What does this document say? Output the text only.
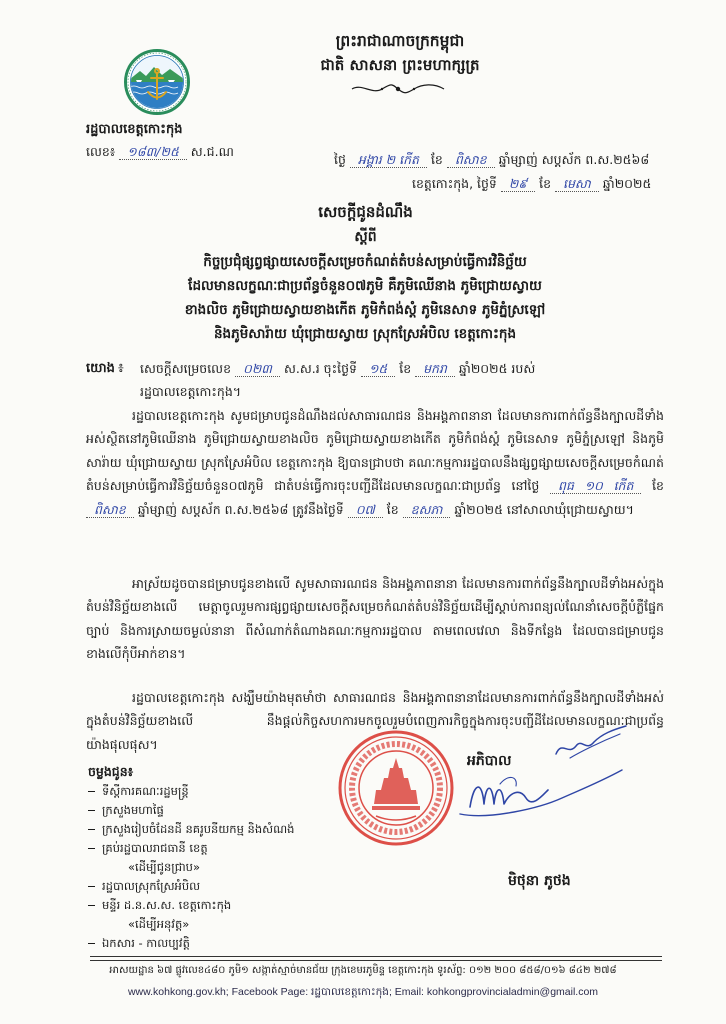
ព្រះរាជាណាចក្រកម្ពុជា
ជាតិ សាសនា ព្រះមហាក្សត្រ
រដ្ឋបាលខេត្តកោះកុង
លេខ៖ ១៨៣/២៥ ស.ជ.ណ
ថ្ងៃ អង្គារ ២ កើត ខែ ពិសាខ ឆ្នាំម្សាញ់ សប្តស័ក ព.ស.២៥៦៨
ខេត្តកោះកុង, ថ្ងៃទី ២៩ ខែ មេសា ឆ្នាំ២០២៥
សេចក្តីជូនដំណឹង
ស្តីពី
កិច្ចប្រជុំផ្សព្វផ្សាយសេចក្តីសម្រេចកំណត់តំបន់សម្រាប់ធ្វើការវិនិច្ឆ័យ
ដែលមានលក្ខណៈជាប្រព័ន្ធចំនួន០៧ភូមិ គឺភូមិឈើនាង ភូមិជ្រោយស្វាយ
ខាងលិច ភូមិជ្រោយស្វាយខាងកើត ភូមិកំពង់ស្តំ ភូមិនេសាទ ភូមិភ្នំស្រឡៅ
និងភូមិសារ៉ាយ ឃុំជ្រោយស្វាយ ស្រុកស្រែអំបិល ខេត្តកោះកុង
យោង ៖ សេចក្តីសម្រេចលេខ ០២៣ ស.ស.រ ចុះថ្ងៃទី ១៥ ខែ មករា ឆ្នាំ២០២៥ របស់
រដ្ឋបាលខេត្តកោះកុង។

រដ្ឋបាលខេត្តកោះកុង សូមជម្រាបជូនដំណឹងដល់សាធារណជន និងអង្គភាពនានា ដែលមានការពាក់ព័ន្ធនឹងក្បាលដីទាំងអស់ស្ថិតនៅភូមិឈើនាង ភូមិជ្រោយស្វាយខាងលិច ភូមិជ្រោយស្វាយខាងកើត ភូមិកំពង់ស្តំ ភូមិនេសាទ ភូមិភ្នំស្រឡៅ និងភូមិសារ៉ាយ ឃុំជ្រោយស្វាយ ស្រុកស្រែអំបិល ខេត្តកោះកុង ឱ្យបានជ្រាបថា គណៈកម្មការរដ្ឋបាលនឹងផ្សព្វផ្សាយសេចក្តីសម្រេចកំណត់តំបន់សម្រាប់ធ្វើការវិនិច្ឆ័យចំនួន០៧ភូមិ ជាតំបន់ធ្វើការចុះបញ្ជីដីដែលមានលក្ខណៈជាប្រព័ន្ធ នៅថ្ងៃ ពុធ ១០ កើត ខែ ពិសាខ ឆ្នាំម្សាញ់ សប្តស័ក ព.ស.២៥៦៨ ត្រូវនឹងថ្ងៃទី ០៧ ខែ ឧសភា ឆ្នាំ២០២៥ នៅសាលាឃុំជ្រោយស្វាយ។

អាស្រ័យដូចបានជម្រាបជូនខាងលើ សូមសាធារណជន និងអង្គភាពនានា ដែលមានការពាក់ព័ន្ធនឹងក្បាលដីទាំងអស់ក្នុងតំបន់វិនិច្ឆ័យខាងលើ មេត្តាចូលរួមការផ្សព្វផ្សាយសេចក្តីសម្រេចកំណត់តំបន់វិនិច្ឆ័យដើម្បីស្តាប់ការពន្យល់ណែនាំសេចក្តីបំភ្លឺផ្នែកច្បាប់ និងការស្រាយចម្ងល់នានា ពីសំណាក់តំណាងគណៈកម្មការរដ្ឋបាល តាមពេលវេលា និងទីកន្លែង ដែលបានជម្រាបជូនខាងលើកុំបីអាក់ខាន។

រដ្ឋបាលខេត្តកោះកុង សង្ឃឹមយ៉ាងមុតមាំថា សាធារណជន និងអង្គភាពនានាដែលមានការពាក់ព័ន្ធនឹងក្បាលដីទាំងអស់ក្នុងតំបន់វិនិច្ឆ័យខាងលើ នឹងផ្តល់កិច្ចសហការមកចូលរួមបំពេញភារកិច្ចក្នុងការចុះបញ្ជីដីដែលមានលក្ខណៈជាប្រព័ន្ធយ៉ាងផុលផុស។

អភិបាល
មិថុនា ភូថង
ចម្លងជូន៖
ទីស្តីការគណៈរដ្ឋមន្ត្រី
ក្រសួងមហាផ្ទៃ
ក្រសួងរៀបចំដែនដី នគរូបនីយកម្ម និងសំណង់
គ្រប់រដ្ឋបាលរាជធានី ខេត្ត
«ដើម្បីជូនជ្រាប»
រដ្ឋបាលស្រុកស្រែអំបិល
មន្ទីរ ដ.ន.ស.ស. ខេត្តកោះកុង
«ដើម្បីអនុវត្ត»
ឯកសារ - កាលប្បវត្តិ
អាសយដ្ឋាន ៦៧ ផ្លូវលេខ៤៨០ ភូមិ១ សង្កាត់ស្មាច់មានជ័យ ក្រុងខេមរភូមិន្ទ ខេត្តកោះកុង ទូរស័ព្ទ: ០១២ ២០០ ៨៥៨/០១៦ ៨៤២ ២៧៨
www.kohkong.gov.kh; Facebook Page: រដ្ឋបាលខេត្តកោះកុង; Email: kohkongprovincialadmin@gmail.com
